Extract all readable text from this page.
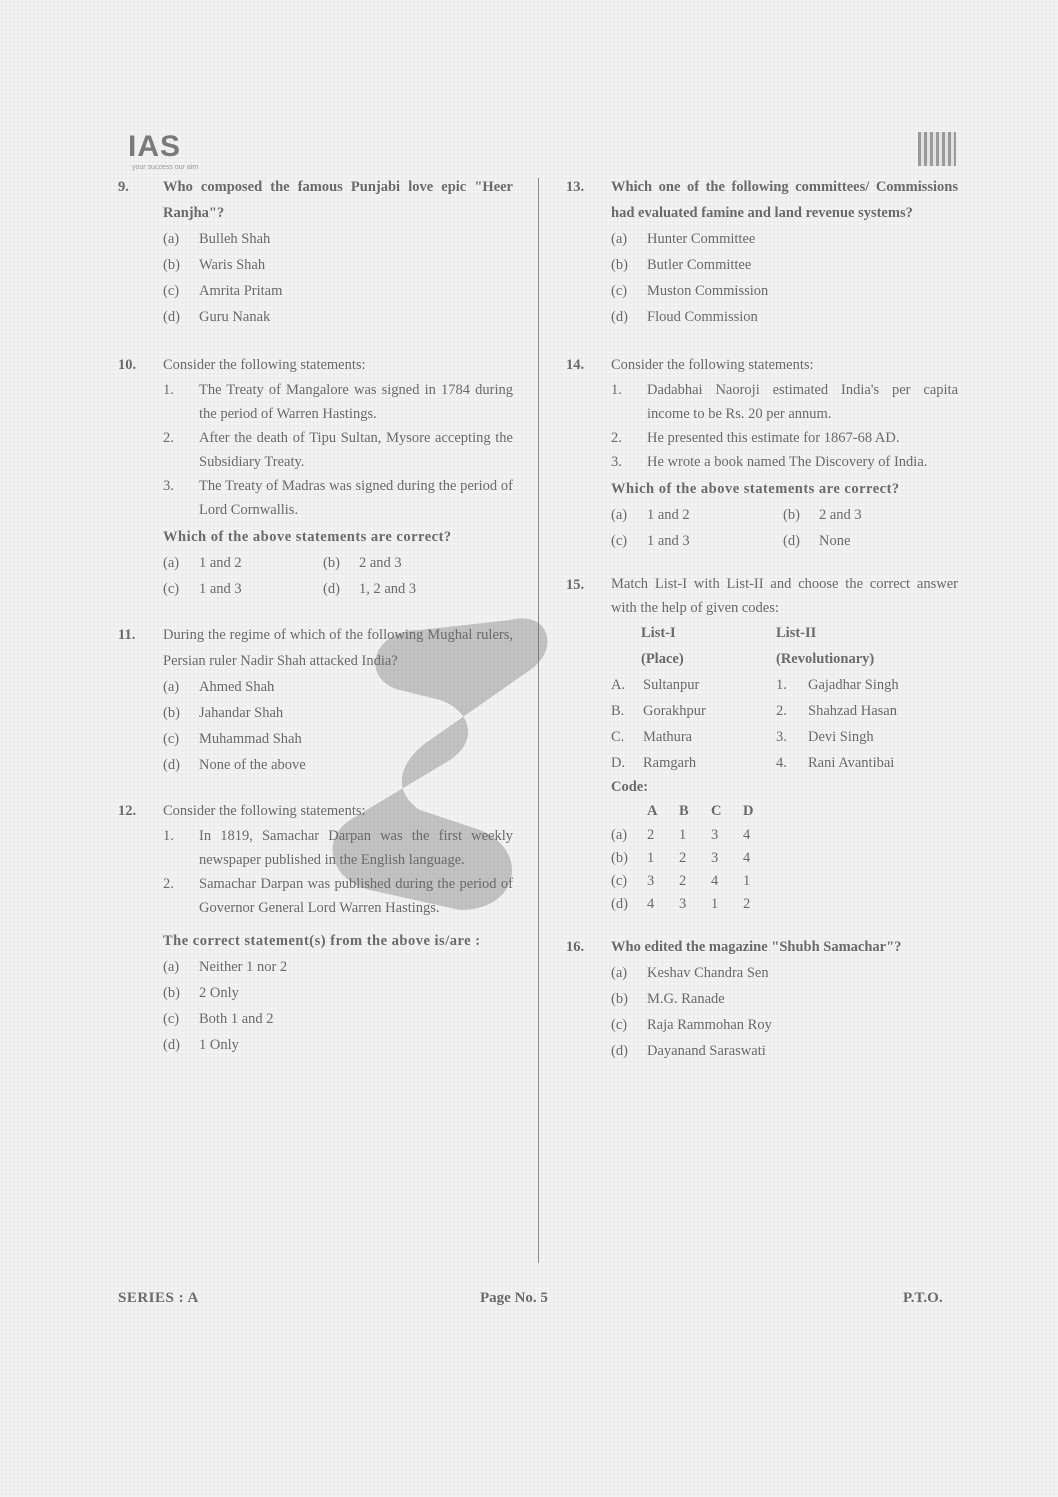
IAS
your success our aim
9.	Who composed the famous Punjabi love epic "Heer Ranjha"?
(a)	Bulleh Shah
(b)	Waris Shah
(c)	Amrita Pritam
(d)	Guru Nanak
10.	Consider the following statements:
1.	The Treaty of Mangalore was signed in 1784 during the period of Warren Hastings.
2.	After the death of Tipu Sultan, Mysore accepting the Subsidiary Treaty.
3.	The Treaty of Madras was signed during the period of Lord Cornwallis.
Which of the above statements are correct?
(a)	1 and 2	(b)	2 and 3
(c)	1 and 3	(d)	1, 2 and 3
11.	During the regime of which of the following Mughal rulers, Persian ruler Nadir Shah attacked India?
(a)	Ahmed Shah
(b)	Jahandar Shah
(c)	Muhammad Shah
(d)	None of the above
12.	Consider the following statements:
1.	In 1819, Samachar Darpan was the first weekly newspaper published in the English language.
2.	Samachar Darpan was published during the period of Governor General Lord Warren Hastings.
The correct statement(s) from the above is/are :
(a)	Neither 1 nor 2
(b)	2 Only
(c)	Both 1 and 2
(d)	1 Only
13.	Which one of the following committees/ Commissions had evaluated famine and land revenue systems?
(a)	Hunter Committee
(b)	Butler Committee
(c)	Muston Commission
(d)	Floud Commission
14.	Consider the following statements:
1.	Dadabhai Naoroji estimated India's per capita income to be Rs. 20 per annum.
2.	He presented this estimate for 1867-68 AD.
3.	He wrote a book named The Discovery of India.
Which of the above statements are correct?
(a)	1 and 2	(b)	2 and 3
(c)	1 and 3	(d)	None
15.	Match List-I with List-II and choose the correct answer with the help of given codes:
List-I	List-II
(Place)	(Revolutionary)
A.	Sultanpur	1.	Gajadhar Singh
B.	Gorakhpur	2.	Shahzad Hasan
C.	Mathura	3.	Devi Singh
D.	Ramgarh	4.	Rani Avantibai
Code:
A	B	C	D
(a)	2	1	3	4
(b)	1	2	3	4
(c)	3	2	4	1
(d)	4	3	1	2
16.	Who edited the magazine "Shubh Samachar"?
(a)	Keshav Chandra Sen
(b)	M.G. Ranade
(c)	Raja Rammohan Roy
(d)	Dayanand Saraswati
SERIES : A	Page No. 5	P.T.O.
